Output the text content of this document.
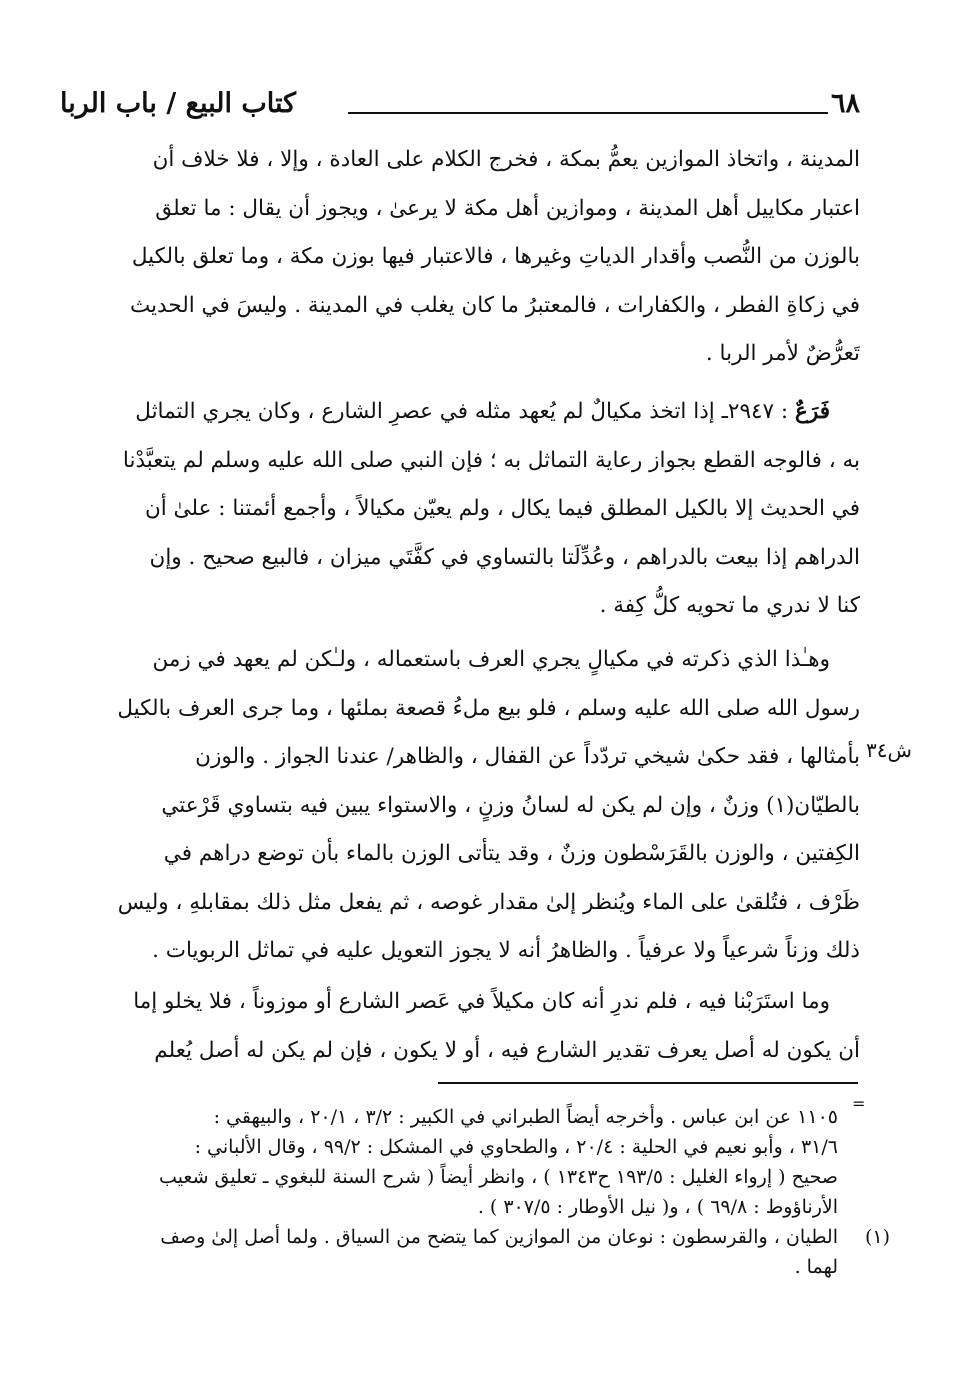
كتاب البيع / باب الربا	٦٨
المدينة ، واتخاذ الموازين يعمُّ بمكة ، فخرج الكلام على العادة ، وإلا ، فلا خلاف أن
اعتبار مكاييل أهل المدينة ، وموازين أهل مكة لا يرعىٰ ، ويجوز أن يقال : ما تعلق
بالوزن من النُّصب وأقدار الدياتِ وغيرها ، فالاعتبار فيها بوزن مكة ، وما تعلق بالكيل
في زكاةِ الفطر ، والكفارات ، فالمعتبرُ ما كان يغلب في المدينة . وليسَ في الحديث
تَعرُّضٌ لأمر الربا .
فَرَعٌ : ٢٩٤٧ـ إذا اتخذ مكيالٌ لم يُعهد مثله في عصرِ الشارع ، وكان يجري التماثل
به ، فالوجه القطع بجواز رعاية التماثل به ؛ فإن النبي صلى الله عليه وسلم لم يتعبَّدْنا
في الحديث إلا بالكيل المطلق فيما يكال ، ولم يعيّن مكيالاً ، وأجمع أئمتنا : علىٰ أن
الدراهم إذا بيعت بالدراهم ، وعُدِّلَتا بالتساوي في كفَّتَي ميزان ، فالبيع صحيح . وإن
كنا لا ندري ما تحويه كلُّ كِفة .
وهـٰذا الذي ذكرته في مكيالٍ يجري العرف باستعماله ، ولـٰكن لم يعهد في زمن
رسول الله صلى الله عليه وسلم ، فلو بيع ملءُ قصعة بملئها ، وما جرى العرف بالكيل
بأمثالها ، فقد حكىٰ شيخي تردّداً عن القفال ، والظاهر/ عندنا الجواز . والوزن
بالطيّان(١) وزنٌ ، وإن لم يكن له لسانُ وزنٍ ، والاستواء يبين فيه بتساوي قَرْعتي
الكِفتين ، والوزن بالقَرَسْطون وزنٌ ، وقد يتأتى الوزن بالماء بأن توضع دراهم في
ظَرْف ، فتُلقىٰ على الماء ويُنظر إلىٰ مقدار غوصه ، ثم يفعل مثل ذلك بمقابلهِ ، وليس
ذلك وزناً شرعياً ولا عرفياً . والظاهرُ أنه لا يجوز التعويل عليه في تماثل الربويات .
ش٣٤
وما استَرَبْنا فيه ، فلم ندرِ أنه كان مكيلاً في عَصر الشارع أو موزوناً ، فلا يخلو إما
أن يكون له أصل يعرف تقدير الشارع فيه ، أو لا يكون ، فإن لم يكن له أصل يُعلم
=
١١٠٥ عن ابن عباس . وأخرجه أيضاً الطبراني في الكبير : ٣/٢ ، ٢٠/١ ، والبيهقي :
٣١/٦ ، وأبو نعيم في الحلية : ٢٠/٤ ، والطحاوي في المشكل : ٩٩/٢ ، وقال الألباني :
صحيح ( إرواء الغليل : ١٩٣/٥ ح١٣٤٣ ) ، وانظر أيضاً ( شرح السنة للبغوي ـ تعليق شعيب
الأرناؤوط : ٦٩/٨ ) ، و( نيل الأوطار : ٣٠٧/٥ ) .
(١)
الطيان ، والقرسطون : نوعان من الموازين كما يتضح من السياق . ولما أصل إلىٰ وصف
لهما .
